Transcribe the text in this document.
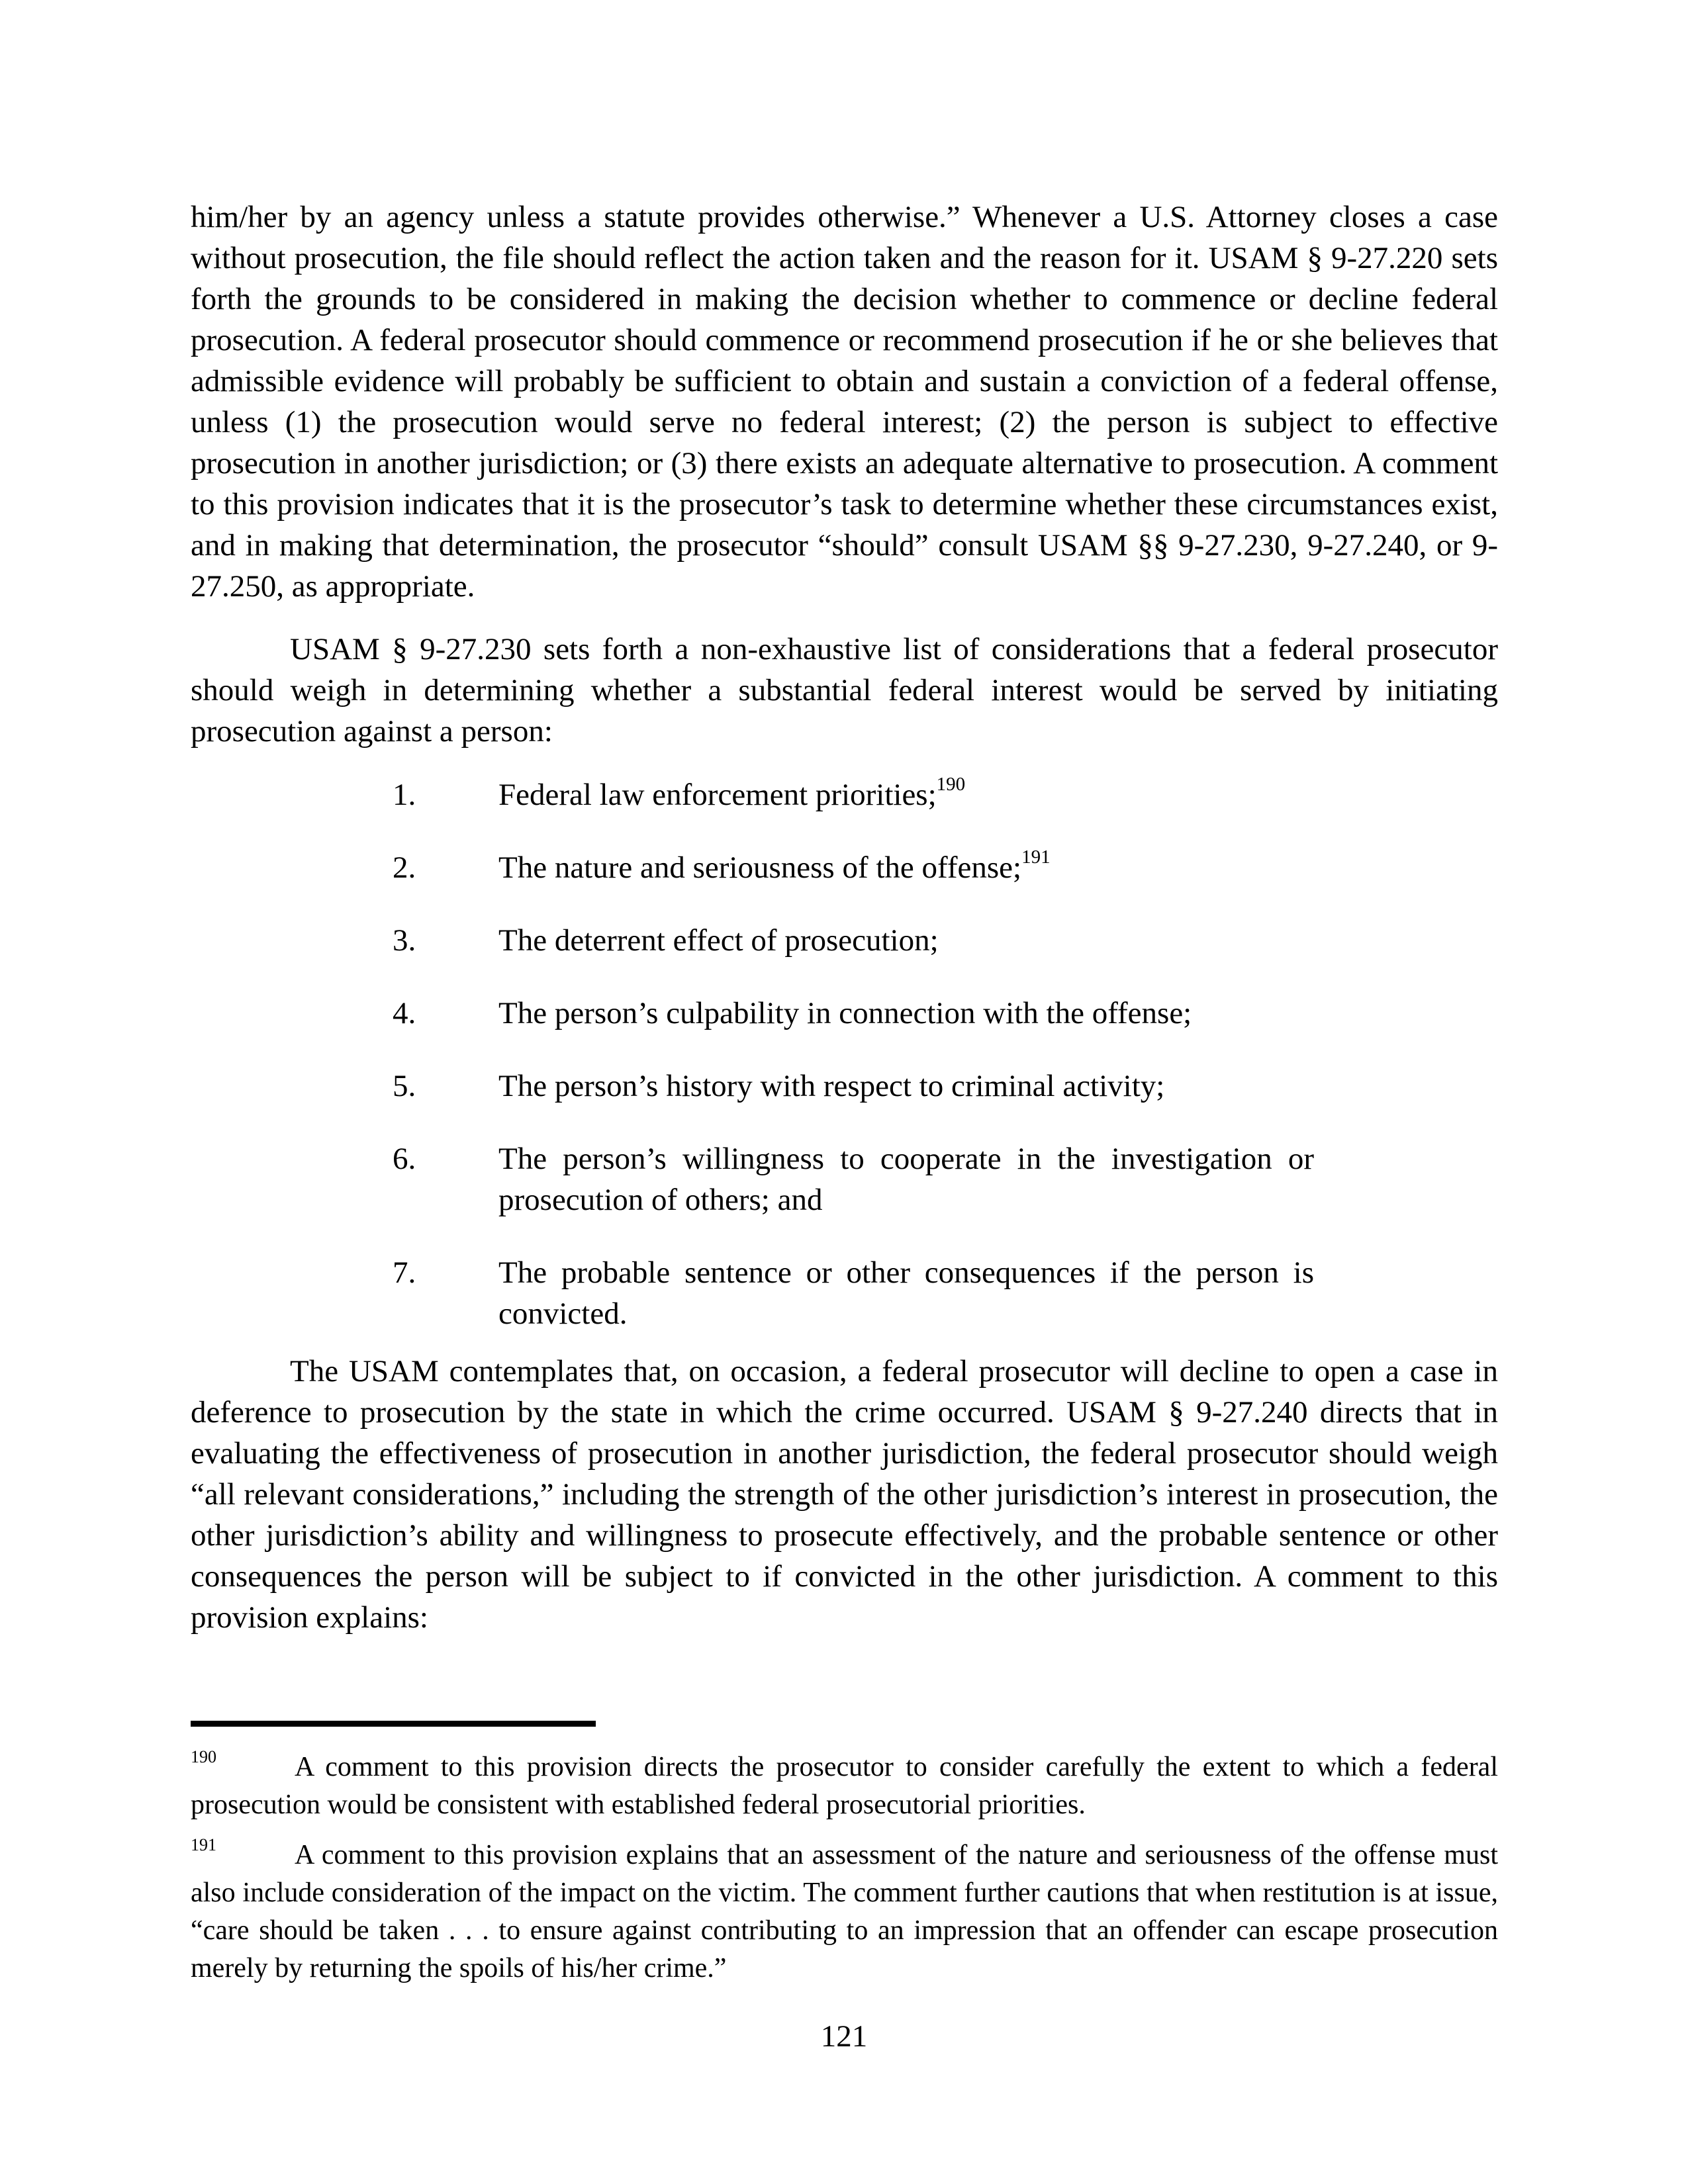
him/her by an agency unless a statute provides otherwise.” Whenever a U.S. Attorney closes a case without prosecution, the file should reflect the action taken and the reason for it. USAM § 9-27.220 sets forth the grounds to be considered in making the decision whether to commence or decline federal prosecution. A federal prosecutor should commence or recommend prosecution if he or she believes that admissible evidence will probably be sufficient to obtain and sustain a conviction of a federal offense, unless (1) the prosecution would serve no federal interest; (2) the person is subject to effective prosecution in another jurisdiction; or (3) there exists an adequate alternative to prosecution. A comment to this provision indicates that it is the prosecutor’s task to determine whether these circumstances exist, and in making that determination, the prosecutor “should” consult USAM §§ 9-27.230, 9-27.240, or 9-27.250, as appropriate.

USAM § 9-27.230 sets forth a non-exhaustive list of considerations that a federal prosecutor should weigh in determining whether a substantial federal interest would be served by initiating prosecution against a person:

1.	Federal law enforcement priorities;$^{190}$
2.	The nature and seriousness of the offense;$^{191}$
3.	The deterrent effect of prosecution;
4.	The person’s culpability in connection with the offense;
5.	The person’s history with respect to criminal activity;
6.	The person’s willingness to cooperate in the investigation or prosecution of others; and
7.	The probable sentence or other consequences if the person is convicted.

The USAM contemplates that, on occasion, a federal prosecutor will decline to open a case in deference to prosecution by the state in which the crime occurred. USAM § 9-27.240 directs that in evaluating the effectiveness of prosecution in another jurisdiction, the federal prosecutor should weigh “all relevant considerations,” including the strength of the other jurisdiction’s interest in prosecution, the other jurisdiction’s ability and willingness to prosecute effectively, and the probable sentence or other consequences the person will be subject to if convicted in the other jurisdiction. A comment to this provision explains:

$^{190}$	A comment to this provision directs the prosecutor to consider carefully the extent to which a federal prosecution would be consistent with established federal prosecutorial priorities.

$^{191}$	A comment to this provision explains that an assessment of the nature and seriousness of the offense must also include consideration of the impact on the victim. The comment further cautions that when restitution is at issue, “care should be taken . . . to ensure against contributing to an impression that an offender can escape prosecution merely by returning the spoils of his/her crime.”

121
